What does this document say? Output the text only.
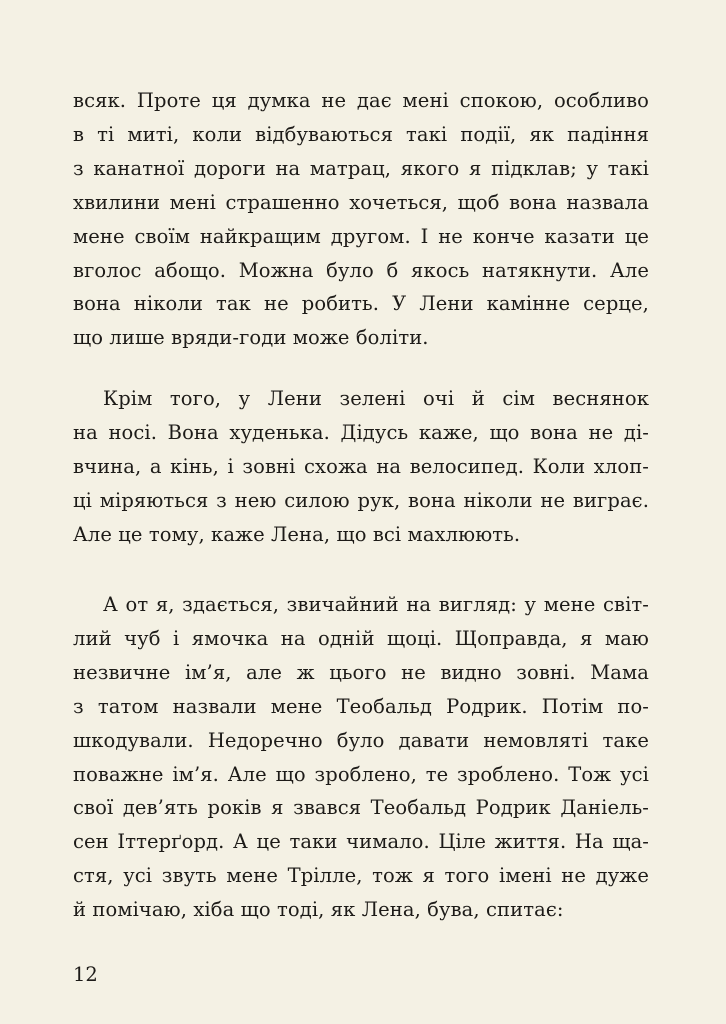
всяк. Проте ця думка не дає мені спокою, особливо
в ті миті, коли відбуваються такі події, як падіння
з канатної дороги на матрац, якого я підклав; у такі
хвилини мені страшенно хочеться, щоб вона назвала
мене своїм найкращим другом. І не конче казати це
вголос абощо. Можна було б якось натякнути. Але
вона ніколи так не робить. У Лени камінне серце,
що лише вряди-годи може боліти.
Крім того, у Лени зелені очі й сім веснянок
на носі. Вона худенька. Дідусь каже, що вона не ді-
вчина, а кінь, і зовні схожа на велосипед. Коли хлоп-
ці міряються з нею силою рук, вона ніколи не виграє.
Але це тому, каже Лена, що всі махлюють.
А от я, здається, звичайний на вигляд: у мене світ-
лий чуб і ямочка на одній щоці. Щоправда, я маю
незвичне ім’я, але ж цього не видно зовні. Мама
з татом назвали мене Теобальд Родрик. Потім по-
шкодували. Недоречно було давати немовляті таке
поважне ім’я. Але що зроблено, те зроблено. Тож усі
свої дев’ять років я звався Теобальд Родрик Даніель-
сен Іттерґорд. А це таки чимало. Ціле життя. На ща-
стя, усі звуть мене Трілле, тож я того імені не дуже
й помічаю, хіба що тоді, як Лена, бува, спитає:
12
